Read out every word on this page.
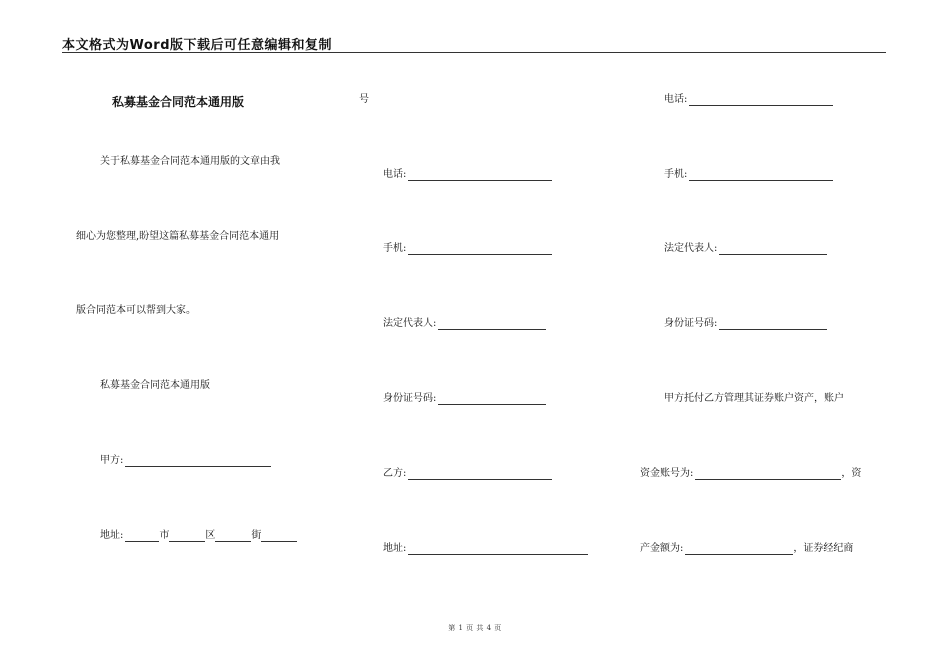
本文格式为Word版下载后可任意编辑和复制
私募基金合同范本通用版
关于私募基金合同范本通用版的文章由我
细心为您整理,盼望这篇私募基金合同范本通用
版合同范本可以帮到大家。
私募基金合同范本通用版
甲方:
地址:	市	区	街
号
电话:
手机:
法定代表人:
身份证号码:
乙方:
地址:
电话:
手机:
法定代表人:
身份证号码:
甲方托付乙方管理其证券账户资产，账户
资金账号为:	，资
产金额为:	，证券经纪商
第 1 页 共 4 页
